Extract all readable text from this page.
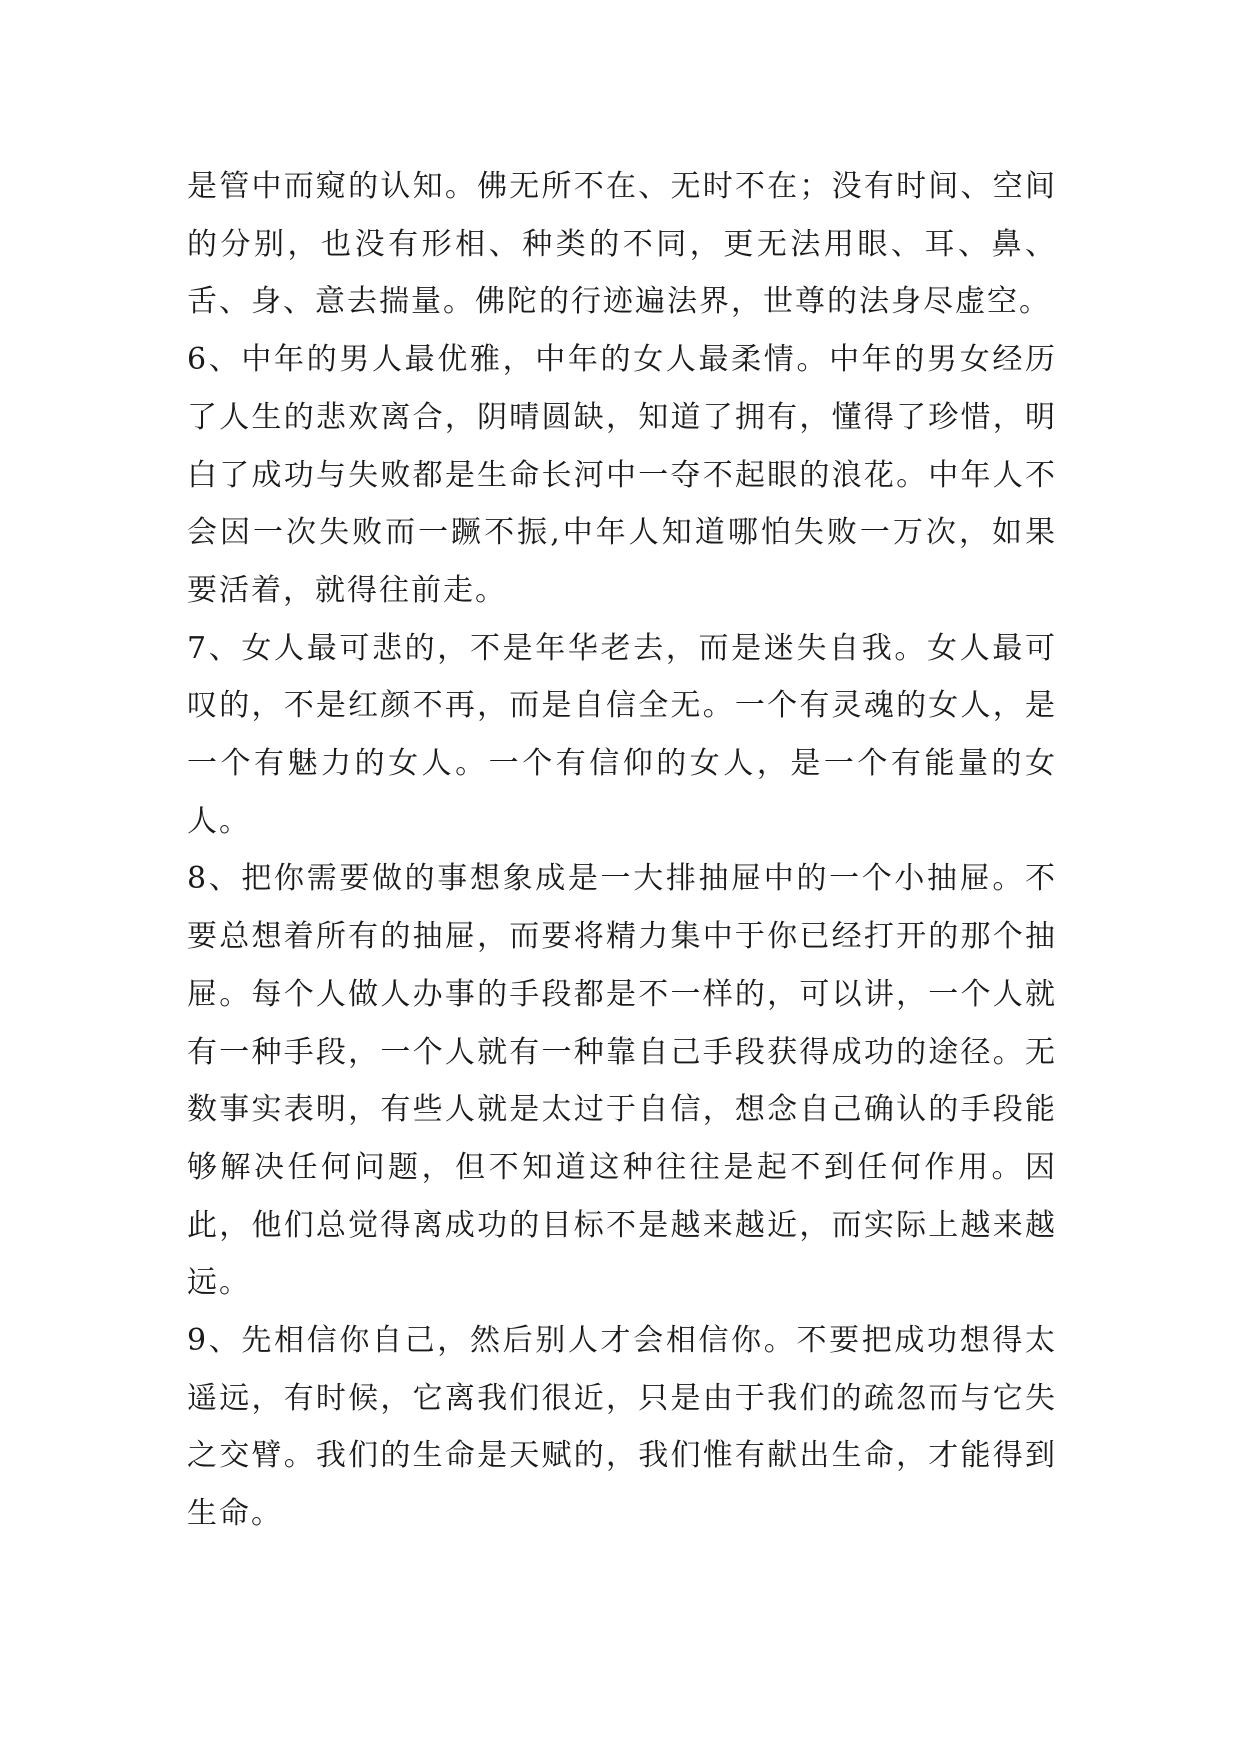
是管中而窥的认知。佛无所不在、无时不在；没有时间、空间的分别，也没有形相、种类的不同，更无法用眼、耳、鼻、舌、身、意去揣量。佛陀的行迹遍法界，世尊的法身尽虚空。

6、中年的男人最优雅，中年的女人最柔情。中年的男女经历了人生的悲欢离合，阴晴圆缺，知道了拥有，懂得了珍惜，明白了成功与失败都是生命长河中一夺不起眼的浪花。中年人不会因一次失败而一蹶不振,中年人知道哪怕失败一万次，如果要活着，就得往前走。

7、女人最可悲的，不是年华老去，而是迷失自我。女人最可叹的，不是红颜不再，而是自信全无。一个有灵魂的女人，是一个有魅力的女人。一个有信仰的女人，是一个有能量的女人。

8、把你需要做的事想象成是一大排抽屉中的一个小抽屉。不要总想着所有的抽屉，而要将精力集中于你已经打开的那个抽屉。每个人做人办事的手段都是不一样的，可以讲，一个人就有一种手段，一个人就有一种靠自己手段获得成功的途径。无数事实表明，有些人就是太过于自信，想念自己确认的手段能够解决任何问题，但不知道这种往往是起不到任何作用。因此，他们总觉得离成功的目标不是越来越近，而实际上越来越远。

9、先相信你自己，然后别人才会相信你。不要把成功想得太遥远，有时候，它离我们很近，只是由于我们的疏忽而与它失之交臂。我们的生命是天赋的，我们惟有献出生命，才能得到生命。
